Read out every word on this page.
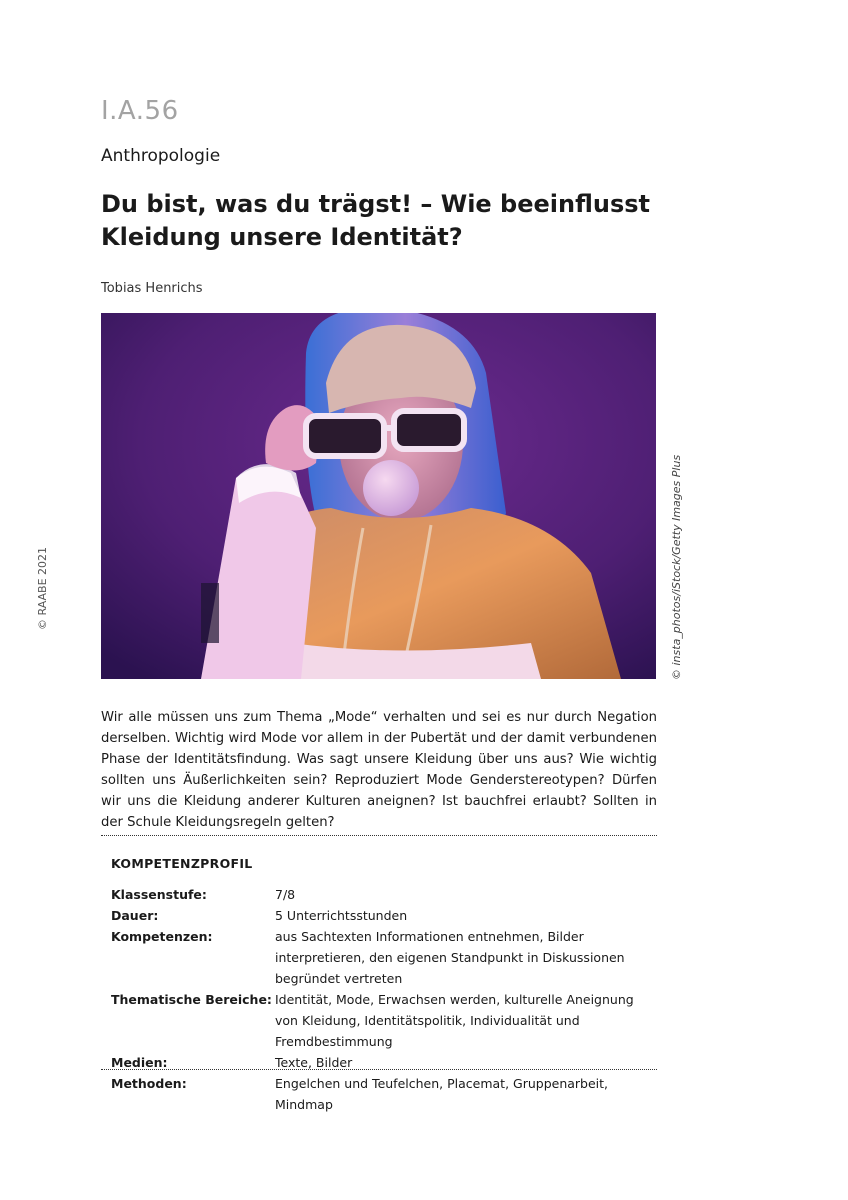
I.A.56
Anthropologie
Du bist, was du trägst! – Wie beeinflusst
Kleidung unsere Identität?
Tobias Henrichs
© insta_photos/iStock/Getty Images Plus
© RAABE 2021
Wir alle müssen uns zum Thema „Mode“ verhalten und sei es nur durch Negation derselben. Wichtig wird Mode vor allem in der Pubertät und der damit verbundenen Phase der Identitätsfindung. Was sagt unsere Kleidung über uns aus? Wie wichtig sollten uns Äußerlichkeiten sein? Reproduziert Mode Genderstereotypen? Dürfen wir uns die Kleidung anderer Kulturen aneignen? Ist bauchfrei erlaubt? Sollten in der Schule Kleidungsregeln gelten?
KOMPETENZPROFIL
Klassenstufe:	7/8
Dauer:	5 Unterrichtsstunden
Kompetenzen:	aus Sachtexten Informationen entnehmen, Bilder interpretieren, den eigenen Standpunkt in Diskussionen begründet vertreten
Thematische Bereiche: Identität, Mode, Erwachsen werden, kulturelle Aneignung von Kleidung, Identitätspolitik, Individualität und Fremdbestimmung
Medien:	Texte, Bilder
Methoden:	Engelchen und Teufelchen, Placemat, Gruppenarbeit, Mindmap
